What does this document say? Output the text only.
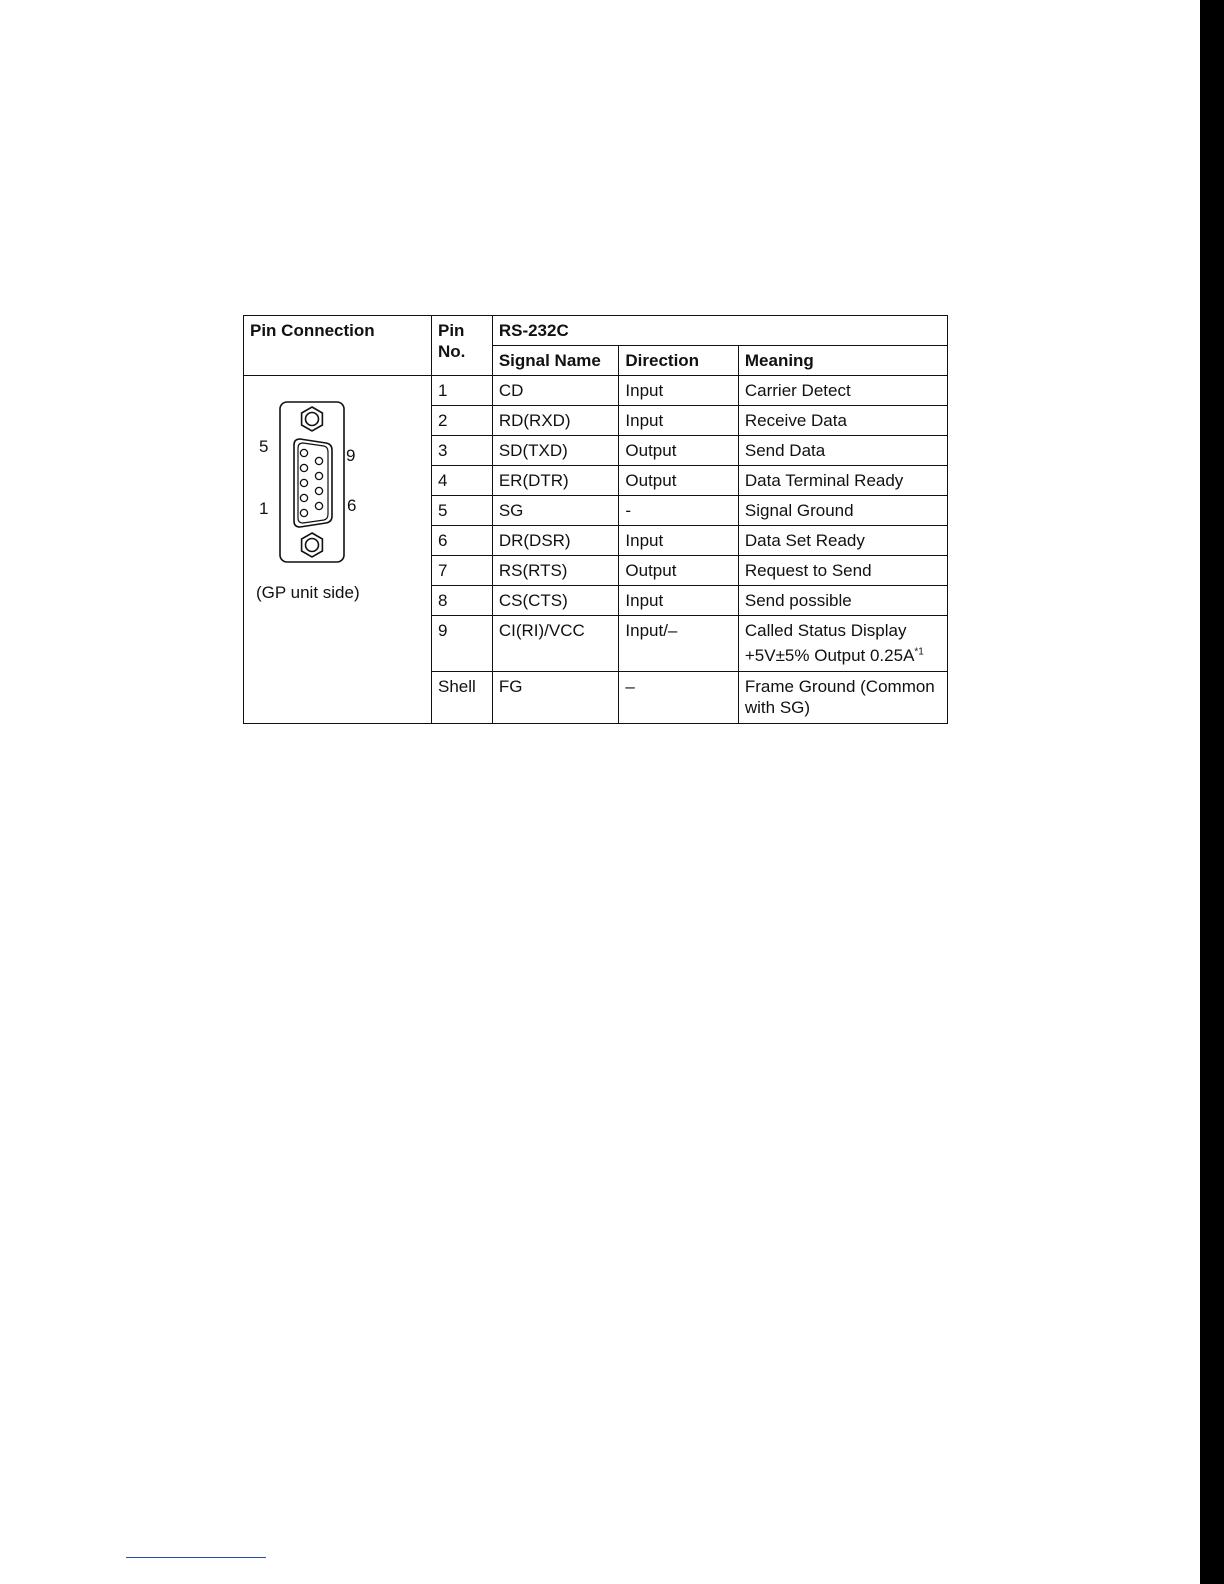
Pin Connection	Pin No.	RS-232C		
		Signal Name	Direction	Meaning

5
1
9
6
(GP unit side)	1	CD	Input	Carrier Detect
	2	RD(RXD)	Input	Receive Data
	3	SD(TXD)	Output	Send Data
	4	ER(DTR)	Output	Data Terminal Ready
	5	SG	-	Signal Ground
	6	DR(DSR)	Input	Data Set Ready
	7	RS(RTS)	Output	Request to Send
	8	CS(CTS)	Input	Send possible
	9	CI(RI)/VCC	Input/–	Called Status Display
+5V±5% Output $0.25A^{*1}$

	Shell	FG	–	Frame Ground (Common with SG)
